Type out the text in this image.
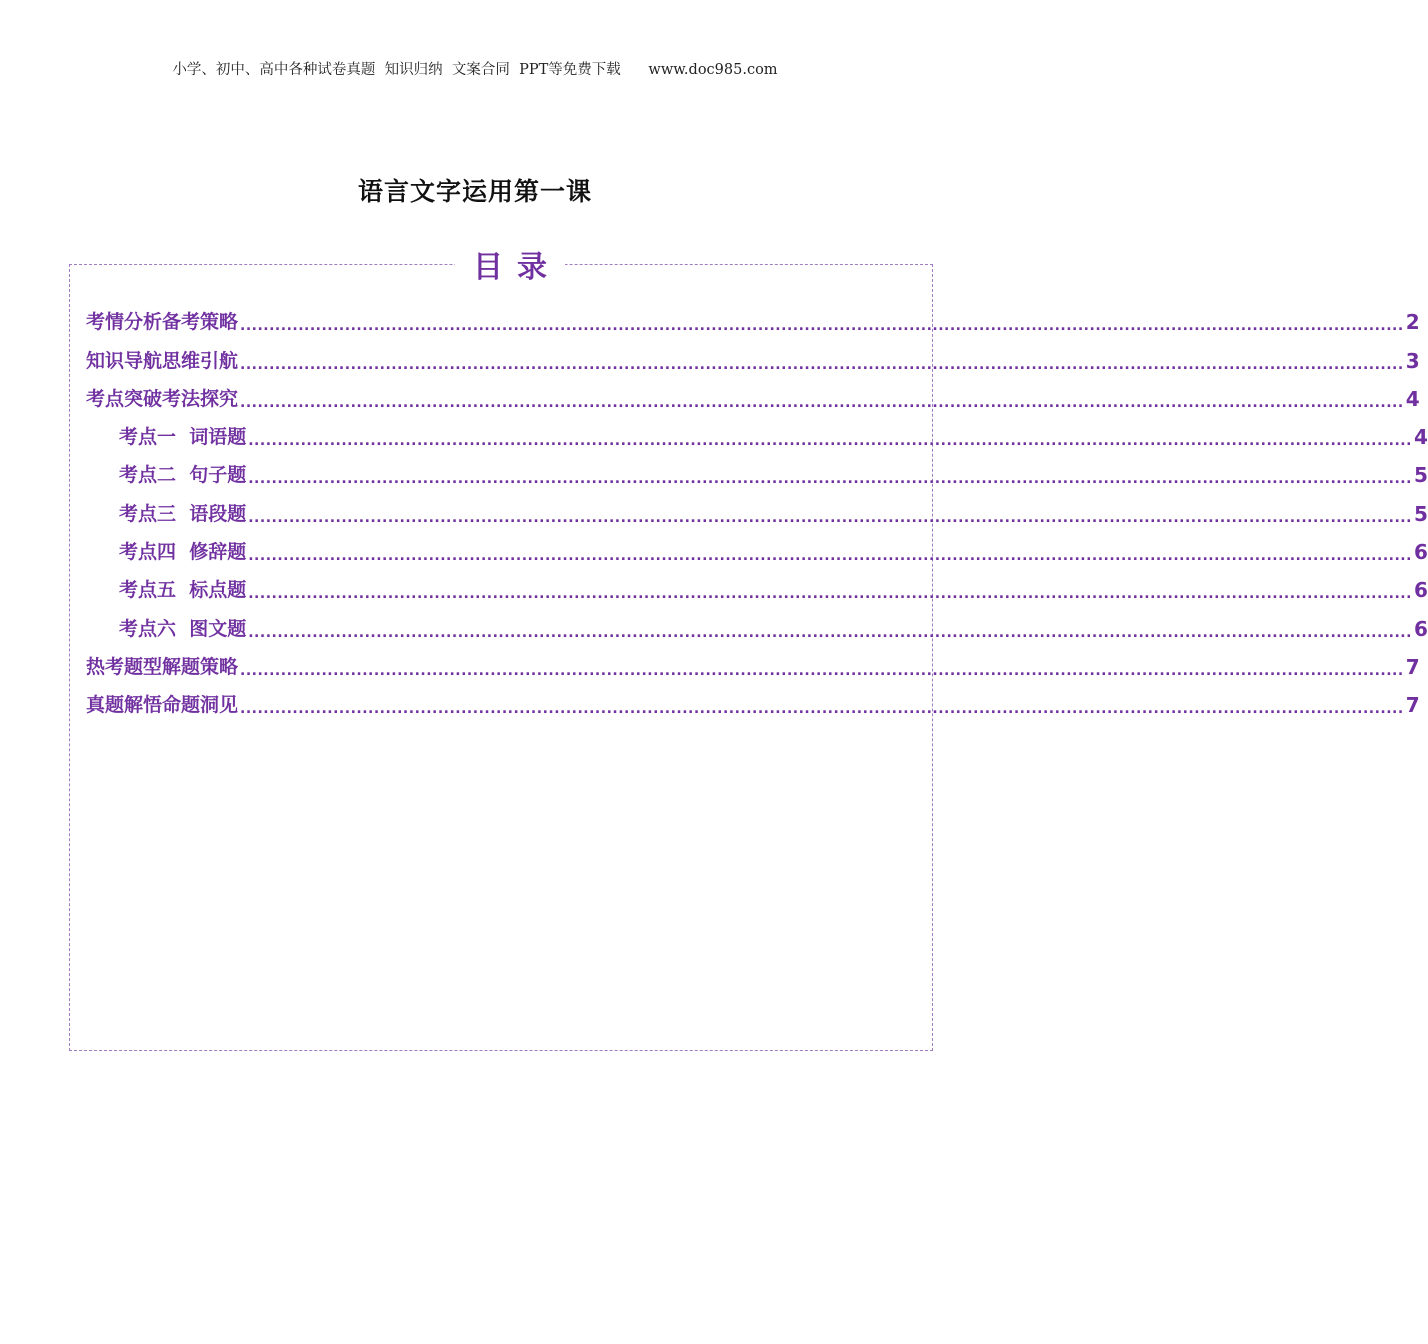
小学、初中、高中各种试卷真题  知识归纳  文案合同  PPT等免费下载      www.doc985.com
语言文字运用第一课
目录
考情分析备考策略 ........................................................................................................................................................................................................ 2
知识导航思维引航 ........................................................................................................................................................................................................ 3
考点突破考法探究 ........................................................................................................................................................................................................ 4
考点一  词语题 ........................................................................................................................................................................................................ 4
考点二  句子题 ........................................................................................................................................................................................................ 5
考点三  语段题 ........................................................................................................................................................................................................ 5
考点四  修辞题 ........................................................................................................................................................................................................ 6
考点五  标点题 ........................................................................................................................................................................................................ 6
考点六  图文题 ........................................................................................................................................................................................................ 6
热考题型解题策略 ........................................................................................................................................................................................................ 7
真题解悟命题洞见 ........................................................................................................................................................................................................ 7
